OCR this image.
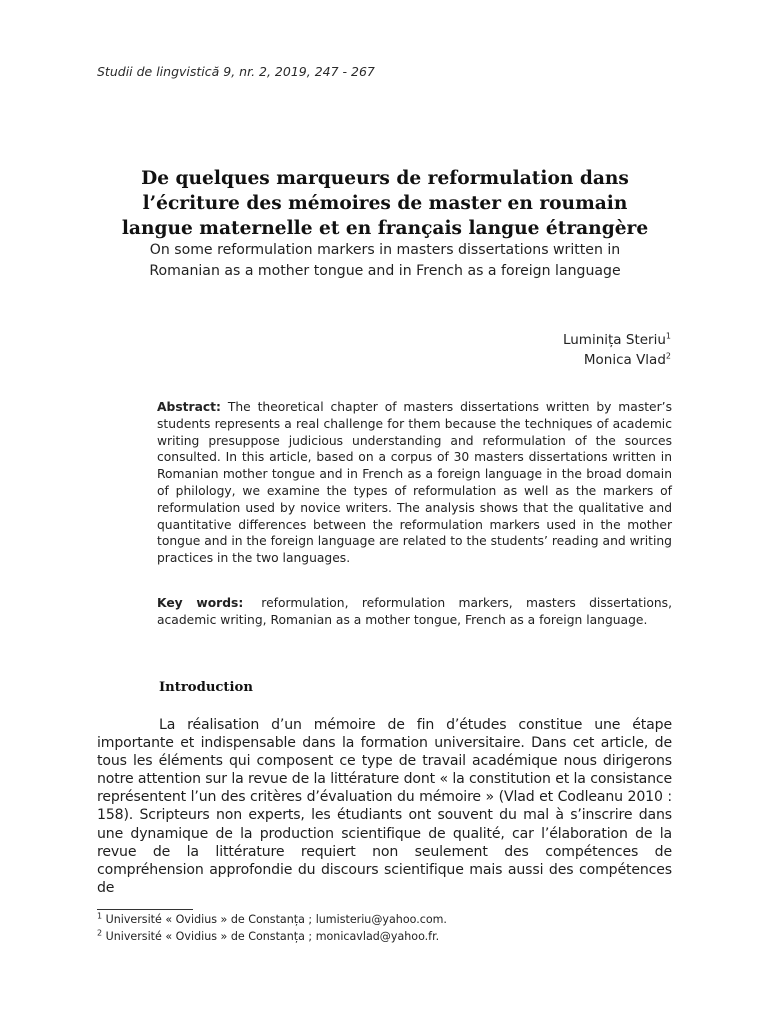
Studii de lingvistică 9, nr. 2, 2019, 247 - 267
De quelques marqueurs de reformulation dans
l’écriture des mémoires de master en roumain
langue maternelle et en français langue étrangère
On some reformulation markers in masters dissertations written in
Romanian as a mother tongue and in French as a foreign language
Luminița Steriu$^1$
Monica Vlad$^2$
Abstract: The theoretical chapter of masters dissertations written by master’s students represents a real challenge for them because the techniques of academic writing presuppose judicious understanding and reformulation of the sources consulted. In this article, based on a corpus of 30 masters dissertations written in Romanian mother tongue and in French as a foreign language in the broad domain of philology, we examine the types of reformulation as well as the markers of reformulation used by novice writers. The analysis shows that the qualitative and quantitative differences between the reformulation markers used in the mother tongue and in the foreign language are related to the students’ reading and writing practices in the two languages.
Key words: reformulation, reformulation markers, masters dissertations, academic writing, Romanian as a mother tongue, French as a foreign language.
Introduction
La réalisation d’un mémoire de fin d’études constitue une étape importante et indispensable dans la formation universitaire. Dans cet article, de tous les éléments qui composent ce type de travail académique nous dirigerons notre attention sur la revue de la littérature dont « la constitution et la consistance représentent l’un des critères d’évaluation du mémoire » (Vlad et Codleanu 2010 : 158). Scripteurs non experts, les étudiants ont souvent du mal à s’inscrire dans une dynamique de la production scientifique de qualité, car l’élaboration de la revue de la littérature requiert non seulement des compétences de compréhension approfondie du discours scientifique mais aussi des compétences de
$^1$ Université « Ovidius » de Constanța ; lumisteriu@yahoo.com.
$^2$ Université « Ovidius » de Constanța ; monicavlad@yahoo.fr.
